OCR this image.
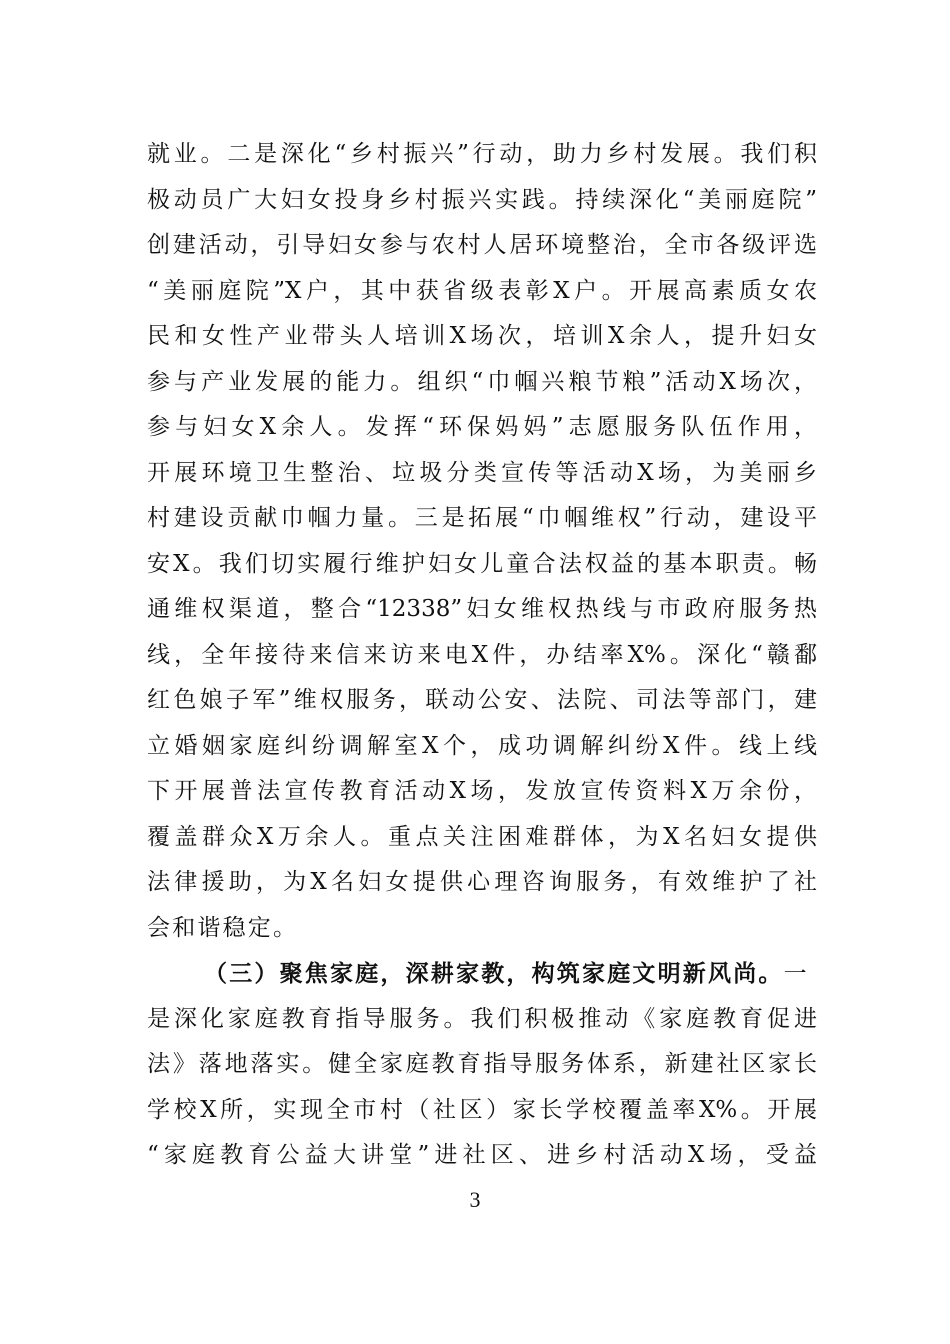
就业。二是深化“乡村振兴”行动，助力乡村发展。我们积
极动员广大妇女投身乡村振兴实践。持续深化“美丽庭院”
创建活动，引导妇女参与农村人居环境整治，全市各级评选
“美丽庭院”X户，其中获省级表彰X户。开展高素质女农
民和女性产业带头人培训X场次，培训X余人，提升妇女
参与产业发展的能力。组织“巾帼兴粮节粮”活动X场次，
参与妇女X余人。发挥“环保妈妈”志愿服务队伍作用，
开展环境卫生整治、垃圾分类宣传等活动X场，为美丽乡
村建设贡献巾帼力量。三是拓展“巾帼维权”行动，建设平
安X。我们切实履行维护妇女儿童合法权益的基本职责。畅
通维权渠道，整合“12338”妇女维权热线与市政府服务热
线，全年接待来信来访来电X件，办结率X%。深化“赣鄱
红色娘子军”维权服务，联动公安、法院、司法等部门，建
立婚姻家庭纠纷调解室X个，成功调解纠纷X件。线上线
下开展普法宣传教育活动X场，发放宣传资料X万余份，
覆盖群众X万余人。重点关注困难群体，为X名妇女提供
法律援助，为X名妇女提供心理咨询服务，有效维护了社
会和谐稳定。
（三）聚焦家庭，深耕家教，构筑家庭文明新风尚。一
是深化家庭教育指导服务。我们积极推动《家庭教育促进
法》落地落实。健全家庭教育指导服务体系，新建社区家长
学校X所，实现全市村（社区）家长学校覆盖率X%。开展
“家庭教育公益大讲堂”进社区、进乡村活动X场，受益
3
